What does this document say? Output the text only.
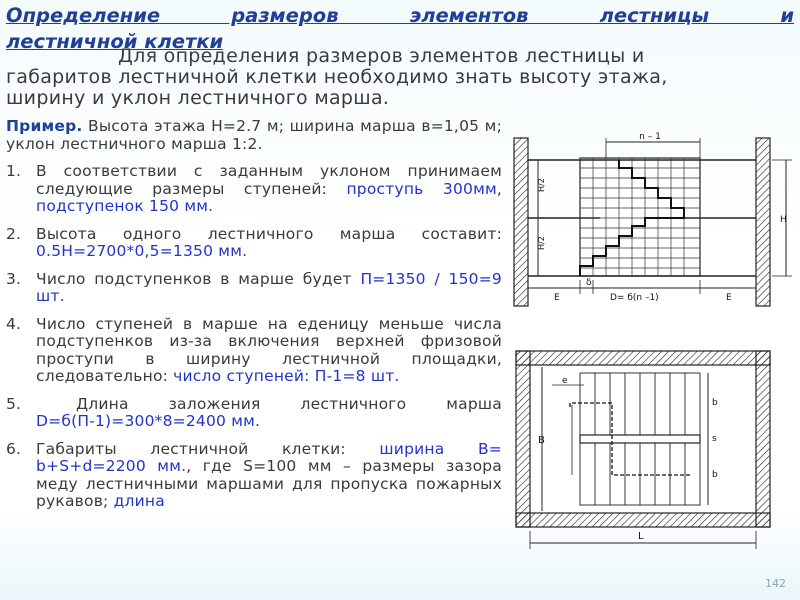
Определение размеров элементов лестницы и
лестничной клетки
Для определения размеров элементов лестницы и
габаритов лестничной клетки необходимо знать высоту этажа,
ширину и уклон лестничного марша.

Пример. Высота этажа Н=2.7 м; ширина марша в=1,05 м; уклон лестничного марша 1:2.

1. В соответствии с заданным уклоном принимаем следующие размеры ступеней: проступь 300мм, подступенок 150 мм.

2. Высота одного лестничного марша составит: 0.5Н=2700*0,5=1350 мм.

3. Число подступенков в марше будет П=1350 / 150=9 шт.

4. Число ступеней в марше на еденицу меньше числа подступенков из-за включения верхней фризовой проступи в ширину лестничной площадки, следовательно: число ступеней: П-1=8 шт.

5. Длина заложения лестничного марша D=б(П-1)=300*8=2400 мм.

6. Габариты лестничной клетки: ширина В= b+S+d=2200 мм., где S=100 мм – размеры зазора меду лестничными маршами для пропуска пожарных рукавов; длина

n – 1
H/2
H/2
H
E
δ
D= б(n –1)	E
B
e
b
s
b
L
142
